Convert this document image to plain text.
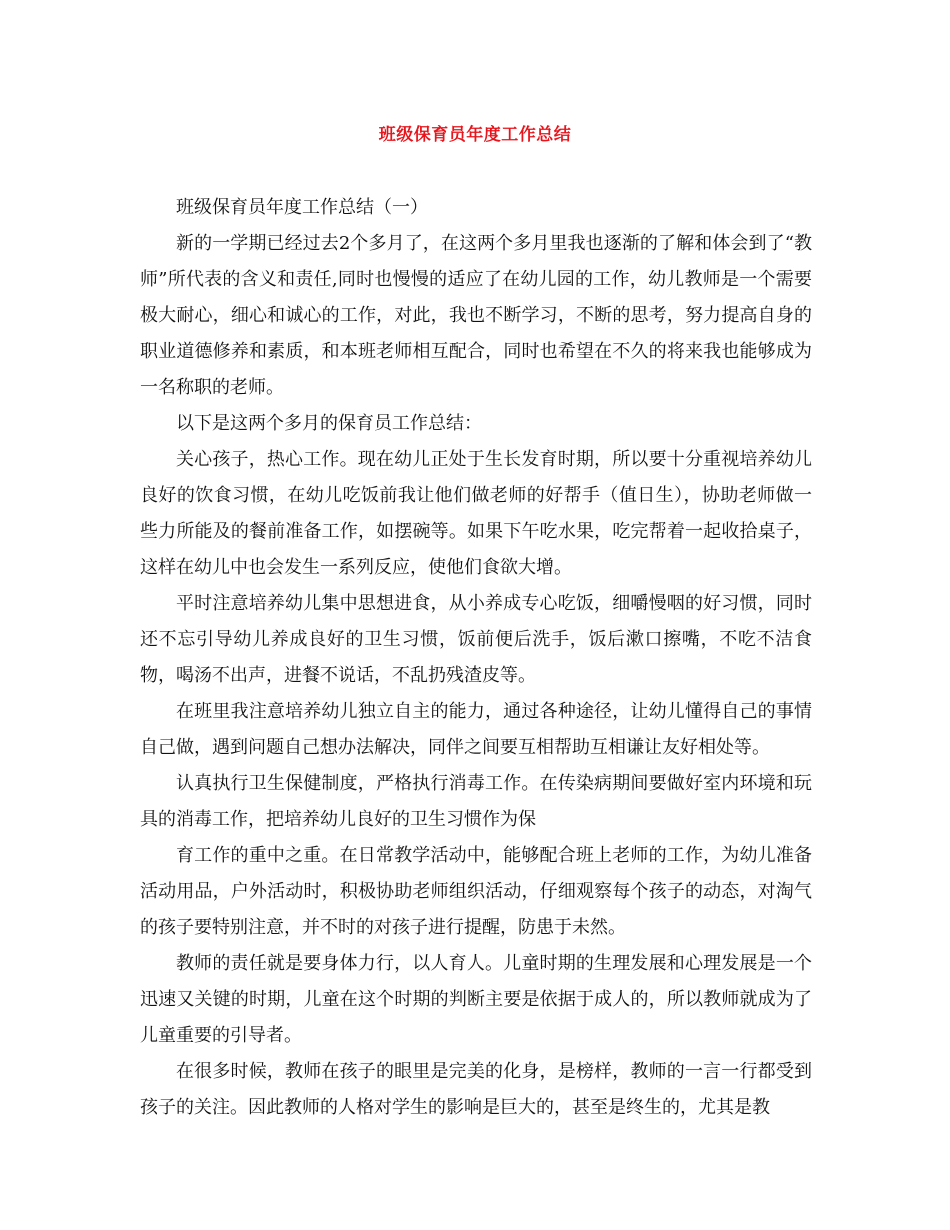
班级保育员年度工作总结

班级保育员年度工作总结（一）

新的一学期已经过去2个多月了，在这两个多月里我也逐渐的了解和体会到了“教师”所代表的含义和责任,同时也慢慢的适应了在幼儿园的工作，幼儿教师是一个需要极大耐心，细心和诚心的工作，对此，我也不断学习，不断的思考，努力提高自身的职业道德修养和素质，和本班老师相互配合，同时也希望在不久的将来我也能够成为一名称职的老师。

以下是这两个多月的保育员工作总结：

关心孩子，热心工作。现在幼儿正处于生长发育时期，所以要十分重视培养幼儿良好的饮食习惯，在幼儿吃饭前我让他们做老师的好帮手（值日生），协助老师做一些力所能及的餐前准备工作，如摆碗等。如果下午吃水果，吃完帮着一起收拾桌子，这样在幼儿中也会发生一系列反应，使他们食欲大增。

平时注意培养幼儿集中思想进食，从小养成专心吃饭，细嚼慢咽的好习惯，同时还不忘引导幼儿养成良好的卫生习惯，饭前便后洗手，饭后漱口擦嘴，不吃不洁食物，喝汤不出声，进餐不说话，不乱扔残渣皮等。

在班里我注意培养幼儿独立自主的能力，通过各种途径，让幼儿懂得自己的事情自己做，遇到问题自己想办法解决，同伴之间要互相帮助互相谦让友好相处等。

认真执行卫生保健制度，严格执行消毒工作。在传染病期间要做好室内环境和玩具的消毒工作，把培养幼儿良好的卫生习惯作为保

育工作的重中之重。在日常教学活动中，能够配合班上老师的工作，为幼儿准备活动用品，户外活动时，积极协助老师组织活动，仔细观察每个孩子的动态，对淘气的孩子要特别注意，并不时的对孩子进行提醒，防患于未然。

教师的责任就是要身体力行，以人育人。儿童时期的生理发展和心理发展是一个迅速又关键的时期，儿童在这个时期的判断主要是依据于成人的，所以教师就成为了儿童重要的引导者。

在很多时候，教师在孩子的眼里是完美的化身，是榜样，教师的一言一行都受到孩子的关注。因此教师的人格对学生的影响是巨大的，甚至是终生的，尤其是教
